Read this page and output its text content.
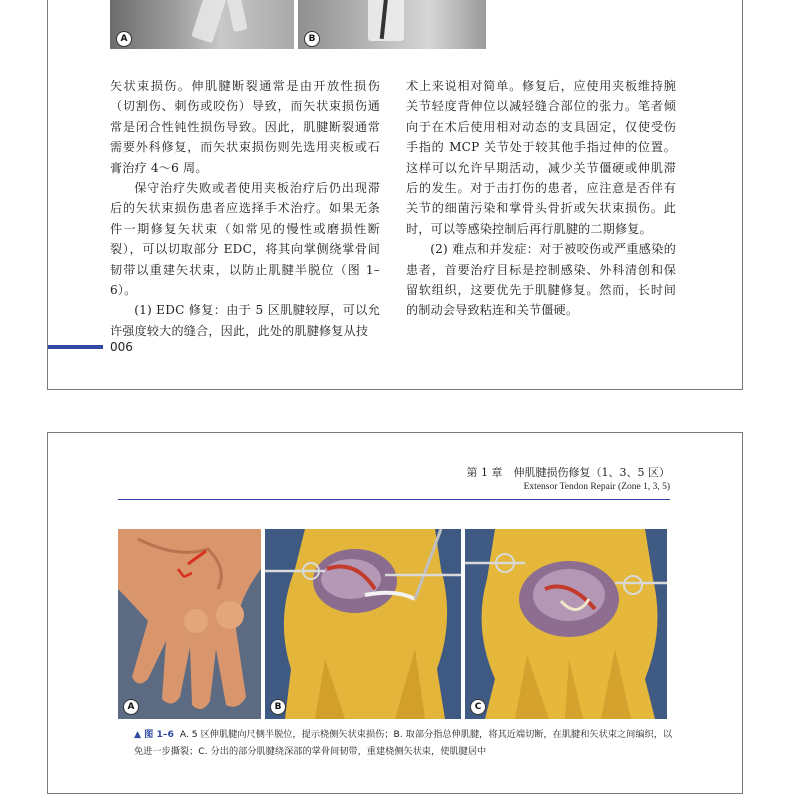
A	B

矢状束损伤。伸肌腱断裂通常是由开放性损伤（切割伤、刺伤或咬伤）导致，而矢状束损伤通常是闭合性钝性损伤导致。因此，肌腱断裂通常需要外科修复，而矢状束损伤则先选用夹板或石膏治疗 4～6 周。

保守治疗失败或者使用夹板治疗后仍出现滞后的矢状束损伤患者应选择手术治疗。如果无条件一期修复矢状束（如常见的慢性或磨损性断裂），可以切取部分 EDC，将其向掌侧绕掌骨间韧带以重建矢状束，以防止肌腱半脱位（图 1–6）。

(1) EDC 修复：由于 5 区肌腱较厚，可以允许强度较大的缝合，因此，此处的肌腱修复从技

术上来说相对简单。修复后，应使用夹板维持腕关节轻度背伸位以减轻缝合部位的张力。笔者倾向于在术后使用相对动态的支具固定，仅使受伤手指的 MCP 关节处于较其他手指过伸的位置。这样可以允许早期活动，减少关节僵硬或伸肌滞后的发生。对于击打伤的患者，应注意是否伴有关节的细菌污染和掌骨头骨折或矢状束损伤。此时，可以等感染控制后再行肌腱的二期修复。

(2) 难点和并发症：对于被咬伤或严重感染的患者，首要治疗目标是控制感染、外科清创和保留软组织，这要优先于肌腱修复。然而，长时间的制动会导致粘连和关节僵硬。

006
第 1 章　伸肌腱损伤修复（1、3、5 区）
Extensor Tendon Repair (Zone 1, 3, 5)
A	B	C
▲ 图 1–6 A. 5 区伸肌腱向尺侧半脱位，提示桡侧矢状束损伤；B. 取部分指总伸肌腱，将其近端切断，在肌腱和矢状束之间编织，以免进一步撕裂；C. 分出的部分肌腱绕深部的掌骨间韧带，重建桡侧矢状束，使肌腱居中
